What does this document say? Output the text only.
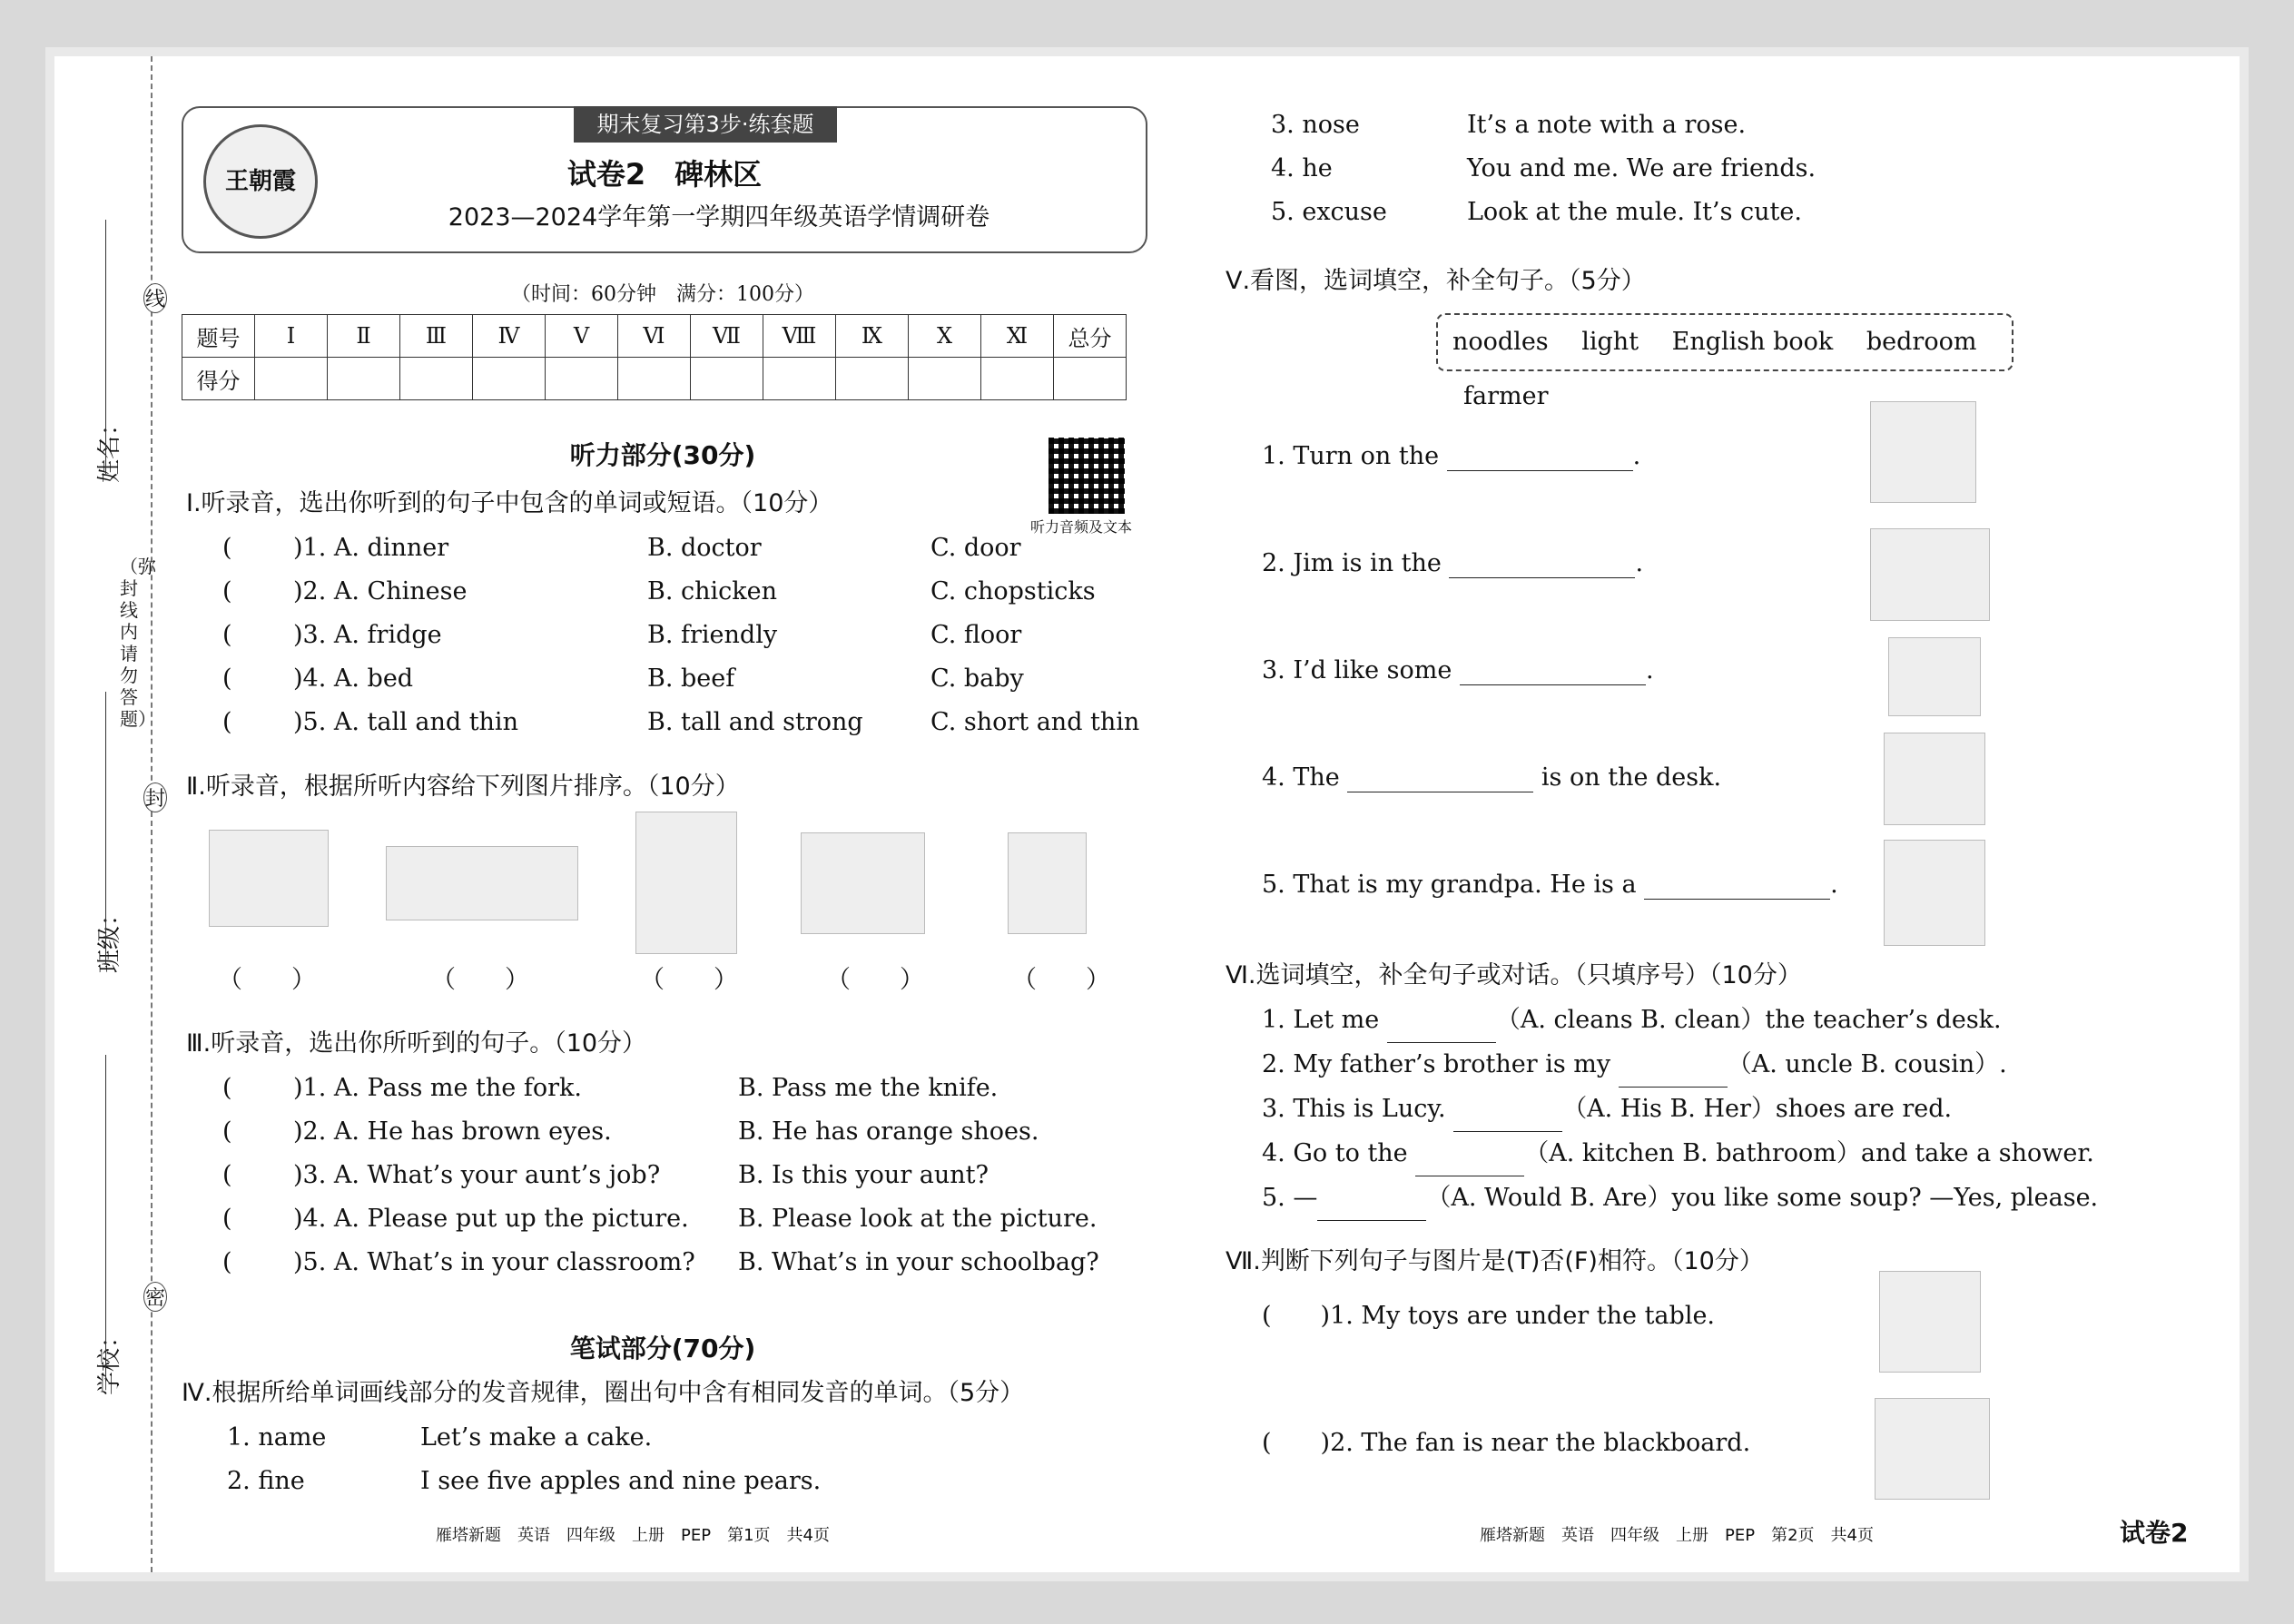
线
封
密
（弥封线内请勿答题）
姓名：
班级：
学校：
期末复习第3步·练套题
王朝霞	试卷2　碑林区
2023—2024学年第一学期四年级英语学情调研卷
（时间：60分钟　满分：100分）
题号	Ⅰ	Ⅱ	Ⅲ	Ⅳ	Ⅴ	Ⅵ	Ⅶ	Ⅷ	Ⅸ	Ⅹ	Ⅺ	总分
得分												
听力部分(30分)
听力音频及文本
Ⅰ.听录音，选出你听到的句子中包含的单词或短语。（10分）
( )1. A. dinner	B. doctor	C. door
( )2. A. Chinese	B. chicken	C. chopsticks
( )3. A. fridge	B. friendly	C. floor
( )4. A. bed	B. beef	C. baby
( )5. A. tall and thin	B. tall and strong	C. short and thin
Ⅱ.听录音，根据所听内容给下列图片排序。（10分）
（　　）	（　　）	（　　）	（　　）	（　　）
Ⅲ.听录音，选出你所听到的句子。（10分）
( )1. A. Pass me the fork.	B. Pass me the knife.
( )2. A. He has brown eyes.	B. He has orange shoes.
( )3. A. What’s your aunt’s job?	B. Is this your aunt?
( )4. A. Please put up the picture. B. Please look at the picture.
( )5. A. What’s in your classroom? B. What’s in your schoolbag?
笔试部分(70分)
Ⅳ.根据所给单词画线部分的发音规律，圈出句中含有相同发音的单词。（5分）
1. name	Let’s make a cake.
2. fine	I see five apples and nine pears.
雁塔新题　英语　四年级　上册　PEP　第1页　共4页
3. nose	It’s a note with a rose.
4. he	You and me. We are friends.
5. excuse	Look at the mule. It’s cute.
Ⅴ.看图，选词填空，补全句子。（5分）
noodles light English book bedroom farmer
1. Turn on the	.
2. Jim is in the	.
3. I’d like some	.
4. The	is on the desk.
5. That is my grandpa. He is a	.
Ⅵ.选词填空，补全句子或对话。（只填序号）（10分）
1. Let me	（A. cleans B. clean）the teacher’s desk.
2. My father’s brother is my	（A. uncle B. cousin）.
3. This is Lucy.	（A. His B. Her）shoes are red.
4. Go to the	（A. kitchen B. bathroom）and take a shower.
5. —	（A. Would B. Are）you like some soup? —Yes, please.
Ⅶ.判断下列句子与图片是(T)否(F)相符。（10分）
(　　)1. My toys are under the table.
(　　)2. The fan is near the blackboard.
雁塔新题　英语　四年级　上册　PEP　第2页　共4页	试卷2
